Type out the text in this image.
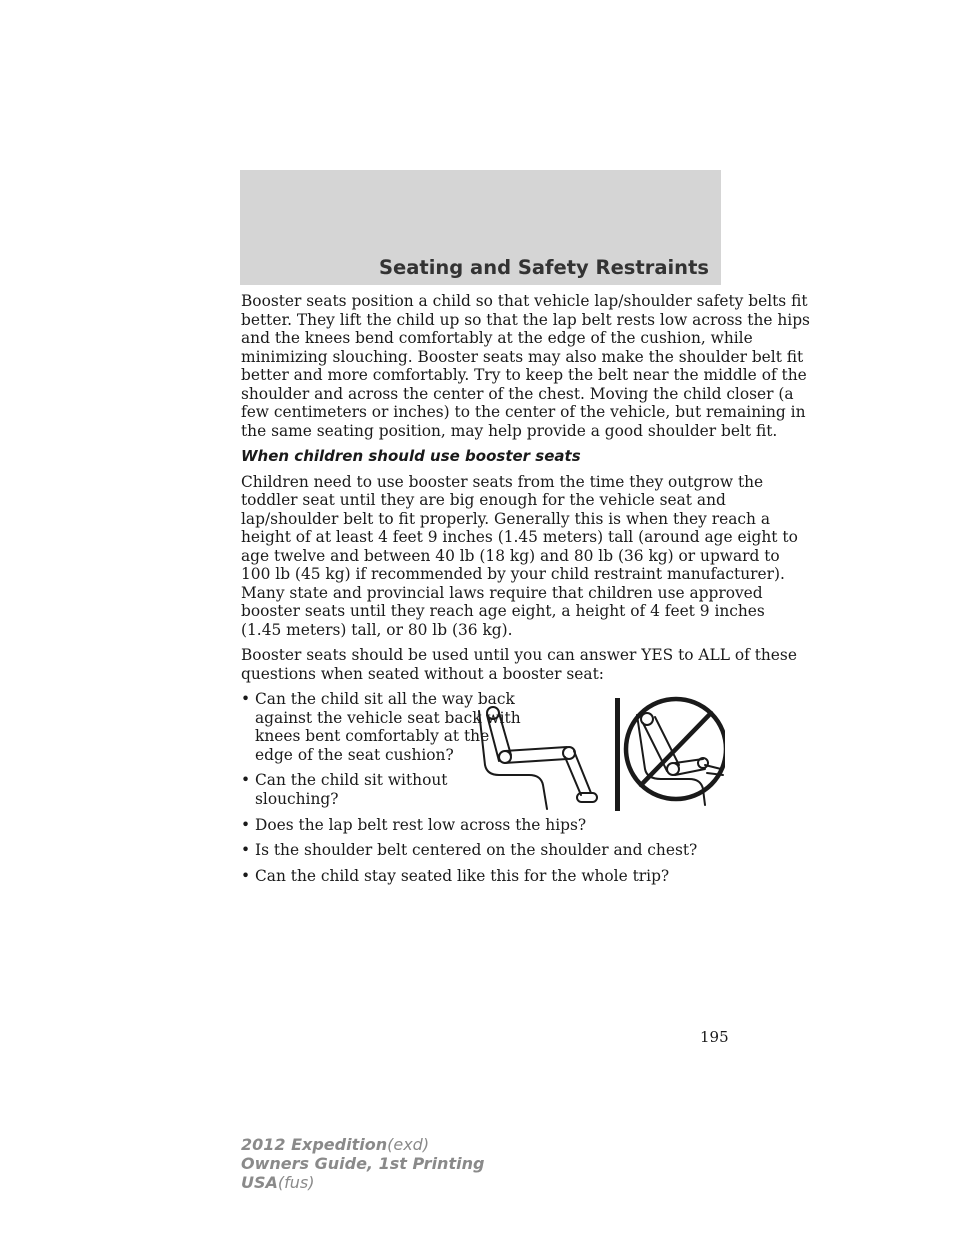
Seating and Safety Restraints

Booster seats position a child so that vehicle lap/shoulder safety belts fit
better. They lift the child up so that the lap belt rests low across the hips
and the knees bend comfortably at the edge of the cushion, while
minimizing slouching. Booster seats may also make the shoulder belt fit
better and more comfortably. Try to keep the belt near the middle of the
shoulder and across the center of the chest. Moving the child closer (a
few centimeters or inches) to the center of the vehicle, but remaining in
the same seating position, may help provide a good shoulder belt fit.

When children should use booster seats

Children need to use booster seats from the time they outgrow the
toddler seat until they are big enough for the vehicle seat and
lap/shoulder belt to fit properly. Generally this is when they reach a
height of at least 4 feet 9 inches (1.45 meters) tall (around age eight to
age twelve and between 40 lb (18 kg) and 80 lb (36 kg) or upward to
100 lb (45 kg) if recommended by your child restraint manufacturer).
Many state and provincial laws require that children use approved
booster seats until they reach age eight, a height of 4 feet 9 inches
(1.45 meters) tall, or 80 lb (36 kg).

Booster seats should be used until you can answer YES to ALL of these
questions when seated without a booster seat:

• Can the child sit all the way back
against the vehicle seat back with
knees bent comfortably at the
edge of the seat cushion?
• Can the child sit without
slouching?
• Does the lap belt rest low across the hips?
• Is the shoulder belt centered on the shoulder and chest?
• Can the child stay seated like this for the whole trip?
195
2012 Expedition(exd)
Owners Guide, 1st Printing
USA(fus)
